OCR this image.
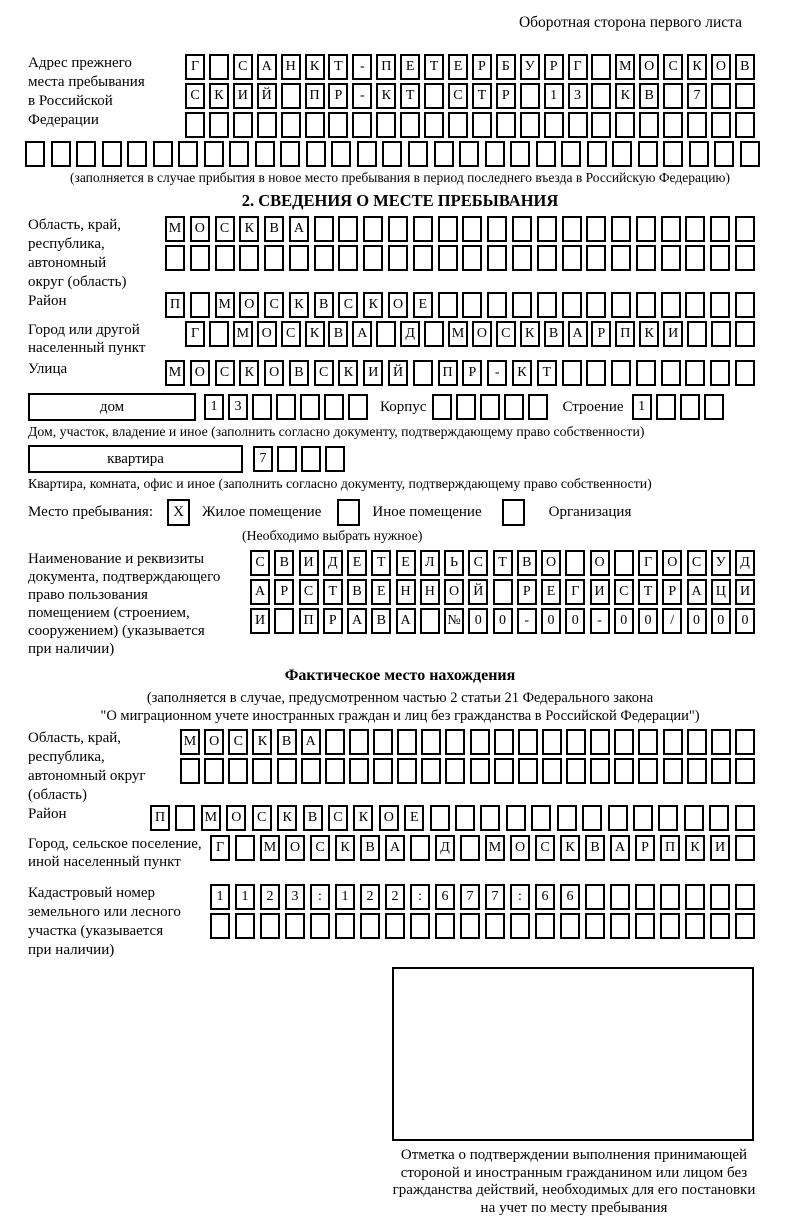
Оборотная сторона первого листа
Адрес прежнего
места пребывания
в Российской
Федерации
Г	С	А Н	К	Т	-	П	Е	Т	Е	Р	Б	У	Р	Г	М О	С	К	О	В
С	К	И Й	П	Р	-	К	Т	С	Т	Р	1	3	К	В	7
(заполняется в случае прибытия в новое место пребывания в период последнего въезда в Российскую Федерацию)
2. СВЕДЕНИЯ О МЕСТЕ ПРЕБЫВАНИЯ
Область, край,
республика,
автономный
округ (область)
М О	С	К	В	А
Район	П	М О	С	К	В	С	К	О	Е
Город или другой
населенный пункт
Г	М О	С	К	В	А	Д	М О	С	К	В	А	Р	П	К	И
Улица	М О	С	К	О	В	С	К	И	Й	П	Р	-	К	Т
дом	1	3	Корпус	Строение	1
Дом, участок, владение и иное (заполнить согласно документу, подтверждающему право собственности)
квартира	7
Квартира, комната, офис и иное (заполнить согласно документу, подтверждающему право собственности)
Место пребывания:	X	Жилое помещение	Иное помещение	Организация
(Необходимо выбрать нужное)
Наименование и реквизиты
документа, подтверждающего
право пользования
помещением (строением,
сооружением) (указывается
при наличии)
С	В	И	Д	Е	Т	Е	Л	Ь	С	Т	В	О	О	Г	О	С	У	Д
А	Р	С	Т	В	Е	Н	Н	О	Й	Р	Е	Г	И	С	Т	Р	А	Ц	И
И	П	Р	А	В	А	№	0	0	-	0	0	-	0	0	/	0	0	0
Фактическое место нахождения
(заполняется в случае, предусмотренном частью 2 статьи 21 Федерального закона
"О миграционном учете иностранных граждан и лиц без гражданства в Российской Федерации")
Область, край,
республика,
автономный округ
(область)
М О	С	К	В	А
Район	П	М	О	С	К	В	С	К	О	Е
Город, сельское поселение,
иной населенный пункт
Г	М О	С	К	В	А	Д	М О	С	К	В	А	Р	П	К	И
Кадастровый номер
земельного или лесного
участка (указывается
при наличии)
1	1	2	3	:	1	2	2	:	6	7	7	:	6	6
Отметка о подтверждении выполнения принимающей
стороной и иностранным гражданином или лицом без
гражданства действий, необходимых для его постановки
на учет по месту пребывания
